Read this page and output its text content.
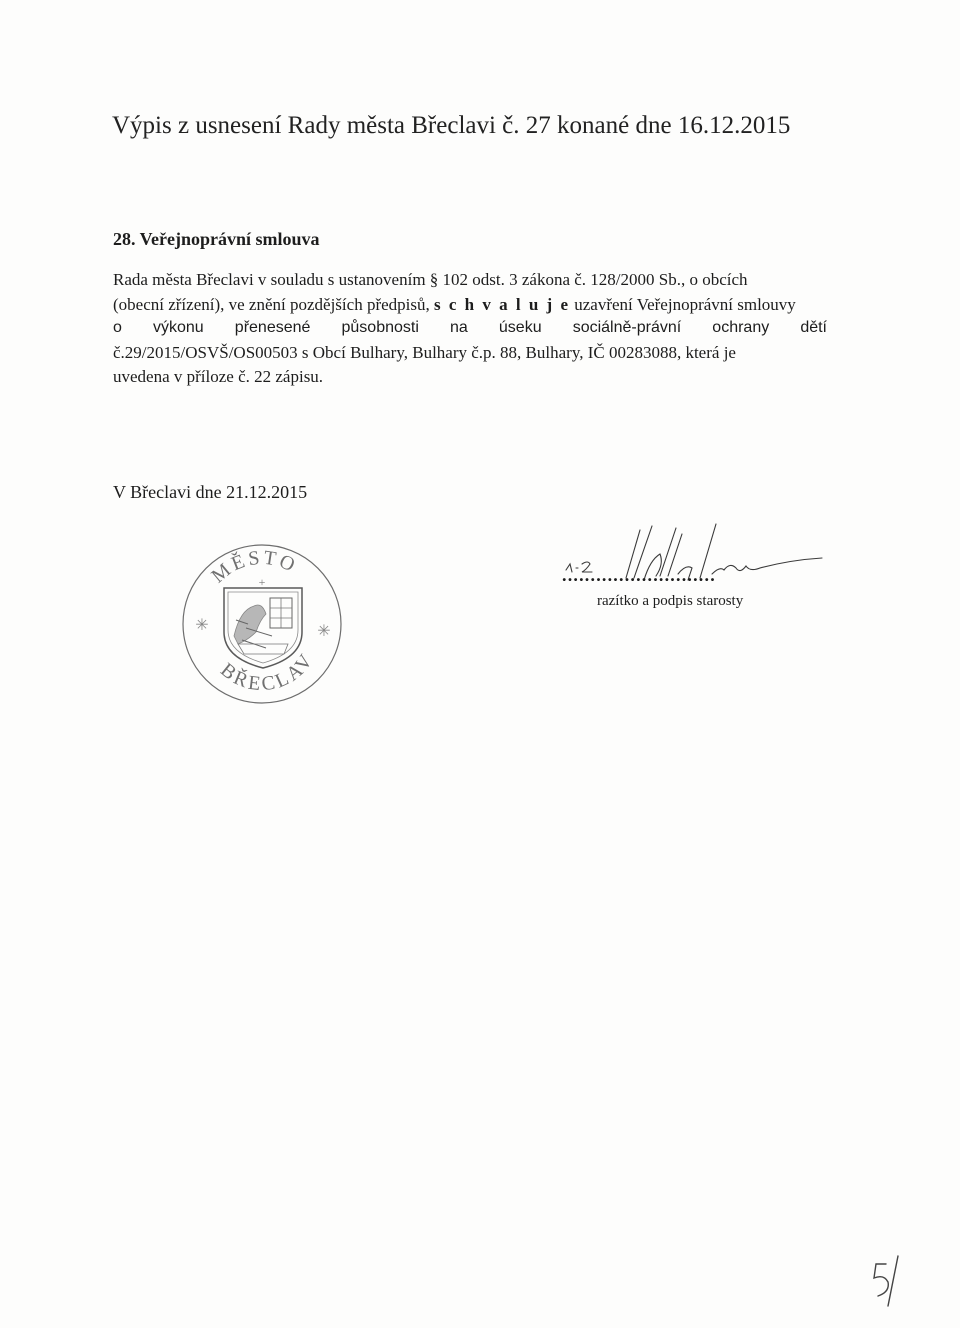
Výpis z usnesení Rady města Břeclavi č. 27 konané dne 16.12.2015
28. Veřejnoprávní smlouva
Rada města Břeclavi v souladu s ustanovením § 102 odst. 3 zákona č. 128/2000 Sb., o obcích
(obecní zřízení), ve znění pozdějších předpisů, s c h v a l u j e uzavření Veřejnoprávní smlouvy
o výkonu přenesené působnosti na úseku sociálně-právní ochrany dětí
č.29/2015/OSVŠ/OS00503 s Obcí Bulhary, Bulhary č.p. 88, Bulhary, IČ 00283088, která je
uvedena v příloze č. 22 zápisu.
V Břeclavi dne 21.12.2015
MĚSTO
BŘECLAV
+
✳	✳
...........................
razítko a podpis starosty
